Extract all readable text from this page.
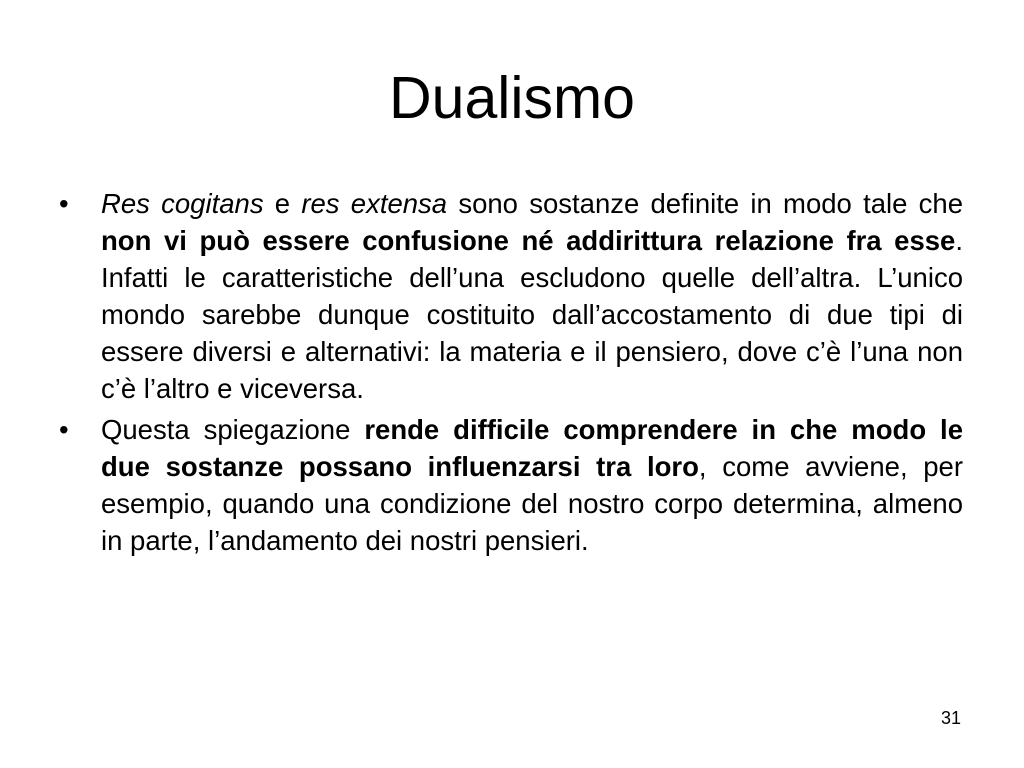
Dualismo
•	Res cogitans e res extensa sono sostanze definite in modo tale che non vi può essere confusione né addirittura relazione fra esse. Infatti le caratteristiche dell’una escludono quelle dell’altra. L’unico mondo sarebbe dunque costituito dall’accostamento di due tipi di essere diversi e alternativi: la materia e il pensiero, dove c’è l’una non c’è l’altro e viceversa.
•	Questa spiegazione rende difficile comprendere in che modo le due sostanze possano influenzarsi tra loro, come avviene, per esempio, quando una condizione del nostro corpo determina, almeno in parte, l’andamento dei nostri pensieri.
31
